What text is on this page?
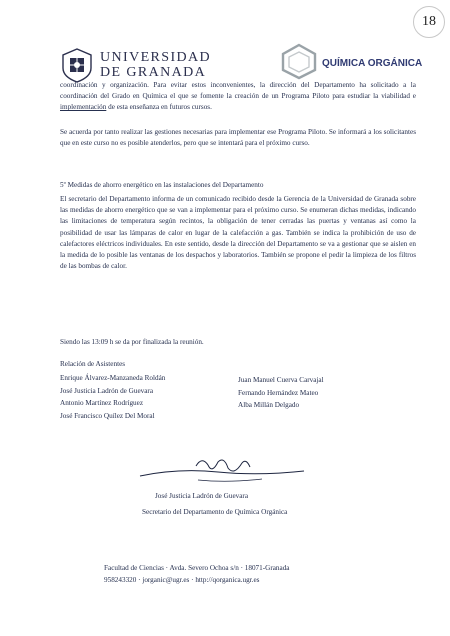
18
UNIVERSIDAD
DE GRANADA
QUÍMICA ORGÁNICA

coordinación y organización. Para evitar estos inconvenientes, la dirección del Departamento ha solicitado a la coordinación del Grado en Química el que se fomente la creación de un Programa Piloto para estudiar la viabilidad e implementación de esta enseñanza en futuros cursos.

Se acuerda por tanto realizar las gestiones necesarias para implementar ese Programa Piloto. Se informará a los solicitantes que en este curso no es posible atenderlos, pero que se intentará para el próximo curso.

5º Medidas de ahorro energético en las instalaciones del Departamento

El secretario del Departamento informa de un comunicado recibido desde la Gerencia de la Universidad de Granada sobre las medidas de ahorro energético que se van a implementar para el próximo curso. Se enumeran dichas medidas, indicando las limitaciones de temperatura según recintos, la obligación de tener cerradas las puertas y ventanas así como la posibilidad de usar las lámparas de calor en lugar de la calefacción a gas. También se indica la prohibición de uso de calefactores eléctricos individuales. En este sentido, desde la dirección del Departamento se va a gestionar que se aislen en la medida de lo posible las ventanas de los despachos y laboratorios. También se propone el pedir la limpieza de los filtros de las bombas de calor.

Siendo las 13:09 h se da por finalizada la reunión.
Relación de Asistentes
Enrique Álvarez-Manzaneda Roldán
José Justicia Ladrón de Guevara
Antonio Martínez Rodríguez
José Francisco Quílez Del Moral
Juan Manuel Cuerva Carvajal
Fernando Hernández Mateo
Alba Millán Delgado
José Justicia Ladrón de Guevara
Secretario del Departamento de Química Orgánica
Facultad de Ciencias · Avda. Severo Ochoa s/n · 18071-Granada
958243320 · jorganic@ugr.es · http://qorganica.ugr.es
